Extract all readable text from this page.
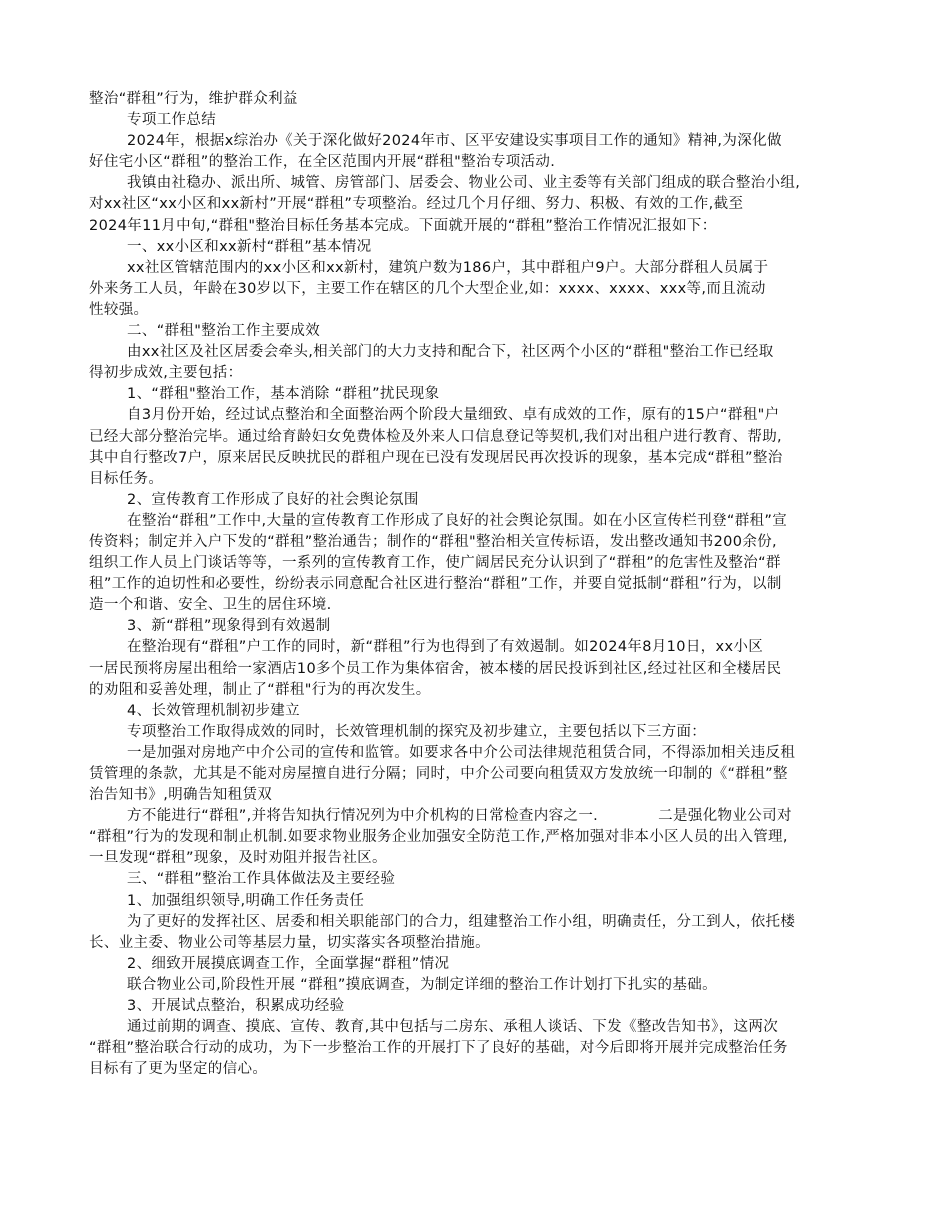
整治“群租”行为，维护群众利益
专项工作总结
2024年，根据x综治办《关于深化做好2024年市、区平安建设实事项目工作的通知》精神,为深化做
好住宅小区“群租”的整治工作，在全区范围内开展“群租"整治专项活动.
我镇由社稳办、派出所、城管、房管部门、居委会、物业公司、业主委等有关部门组成的联合整治小组,
对xx社区“xx小区和xx新村”开展“群租”专项整治。经过几个月仔细、努力、积极、有效的工作,截至
2024年11月中旬,“群租"整治目标任务基本完成。下面就开展的“群租”整治工作情况汇报如下：
一、xx小区和xx新村“群租”基本情况
xx社区管辖范围内的xx小区和xx新村，建筑户数为186户，其中群租户9户。大部分群租人员属于
外来务工人员，年龄在30岁以下，主要工作在辖区的几个大型企业,如：xxxx、xxxx、xxx等,而且流动
性较强。
二、“群租"整治工作主要成效
由xx社区及社区居委会牵头,相关部门的大力支持和配合下，社区两个小区的“群租"整治工作已经取
得初步成效,主要包括：
1、“群租"整治工作，基本消除 “群租”扰民现象
自3月份开始，经过试点整治和全面整治两个阶段大量细致、卓有成效的工作，原有的15户“群租"户
已经大部分整治完毕。通过给育龄妇女免费体检及外来人口信息登记等契机,我们对出租户进行教育、帮助,
其中自行整改7户，原来居民反映扰民的群租户现在已没有发现居民再次投诉的现象，基本完成“群租”整治
目标任务。
2、宣传教育工作形成了良好的社会舆论氛围
在整治“群租”工作中,大量的宣传教育工作形成了良好的社会舆论氛围。如在小区宣传栏刊登“群租”宣
传资料；制定并入户下发的“群租”整治通告；制作的“群租"整治相关宣传标语，发出整改通知书200余份,
组织工作人员上门谈话等等，一系列的宣传教育工作，使广阔居民充分认识到了“群租”的危害性及整治“群
租”工作的迫切性和必要性，纷纷表示同意配合社区进行整治“群租”工作，并要自觉抵制“群租”行为，以制
造一个和谐、安全、卫生的居住环境.
3、新“群租”现象得到有效遏制
在整治现有“群租”户工作的同时，新“群租”行为也得到了有效遏制。如2024年8月10日，xx小区
一居民预将房屋出租给一家酒店10多个员工作为集体宿舍，被本楼的居民投诉到社区,经过社区和全楼居民
的劝阻和妥善处理，制止了“群租"行为的再次发生。
4、长效管理机制初步建立
专项整治工作取得成效的同时，长效管理机制的探究及初步建立，主要包括以下三方面：
一是加强对房地产中介公司的宣传和监管。如要求各中介公司法律规范租赁合同，不得添加相关违反租
赁管理的条款，尤其是不能对房屋擅自进行分隔；同时，中介公司要向租赁双方发放统一印制的《“群租”整
治告知书》,明确告知租赁双
方不能进行“群租”,并将告知执行情况列为中介机构的日常检查内容之一.	二是强化物业公司对
“群租”行为的发现和制止机制.如要求物业服务企业加强安全防范工作,严格加强对非本小区人员的出入管理,
一旦发现“群租”现象，及时劝阻并报告社区。
三、“群租”整治工作具体做法及主要经验
1、加强组织领导,明确工作任务责任
为了更好的发挥社区、居委和相关职能部门的合力，组建整治工作小组，明确责任，分工到人，依托楼
长、业主委、物业公司等基层力量，切实落实各项整治措施。
2、细致开展摸底调查工作，全面掌握“群租”情况
联合物业公司,阶段性开展 “群租”摸底调查，为制定详细的整治工作计划打下扎实的基础。
3、开展试点整治，积累成功经验
通过前期的调查、摸底、宣传、教育,其中包括与二房东、承租人谈话、下发《整改告知书》，这两次
“群租”整治联合行动的成功，为下一步整治工作的开展打下了良好的基础，对今后即将开展并完成整治任务
目标有了更为坚定的信心。
